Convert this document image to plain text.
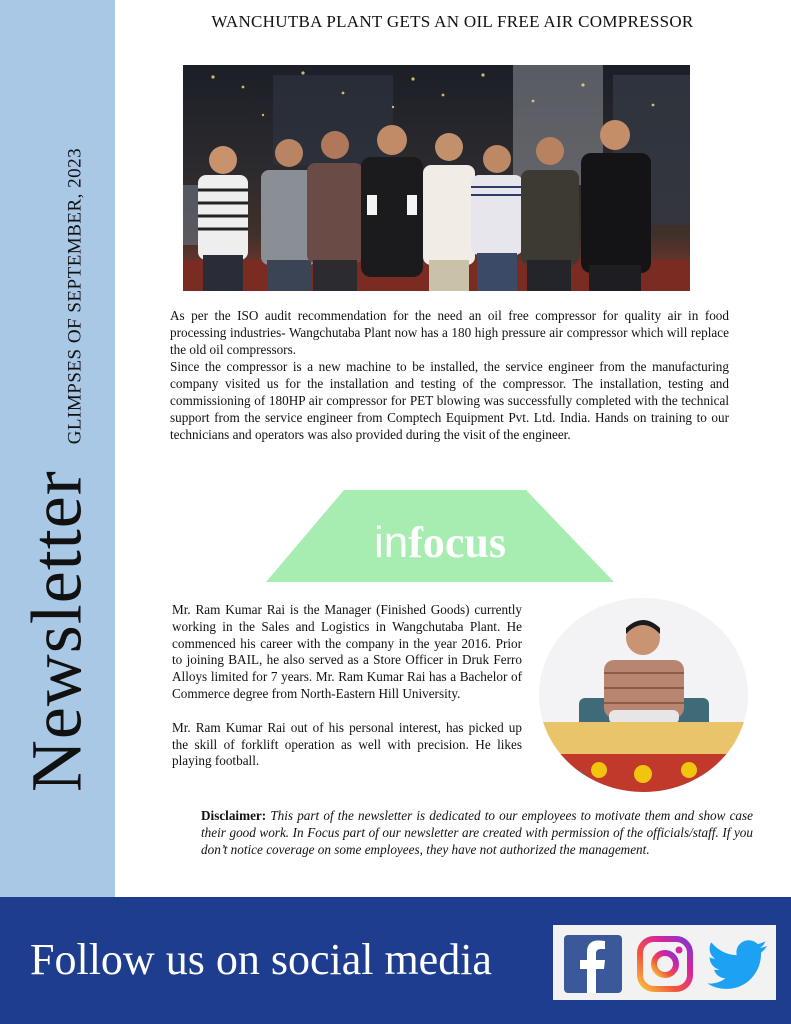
Newsletter
GLIMPSES OF SEPTEMBER, 2023
WANCHUTBA PLANT GETS AN OIL FREE AIR COMPRESSOR

As per the ISO audit recommendation for the need an oil free compressor for quality air in food processing industries- Wangchutaba Plant now has a 180 high pressure air compressor which will replace the old oil compressors.

Since the compressor is a new machine to be installed, the service engineer from the manufacturing company visited us for the installation and testing of the compressor. The installation, testing and commissioning of 180HP air compressor for PET blowing was successfully completed with the technical support from the service engineer from Comptech Equipment Pvt. Ltd. India. Hands on training to our technicians and operators was also provided during the visit of the engineer.

infocus

Mr. Ram Kumar Rai is the Manager (Finished Goods) currently working in the Sales and Logistics in Wangchutaba Plant. He commenced his career with the company in the year 2016. Prior to joining BAIL, he also served as a Store Officer in Druk Ferro Alloys limited for 7 years. Mr. Ram Kumar Rai has a Bachelor of Commerce degree from North-Eastern Hill University.

Mr. Ram Kumar Rai out of his personal interest, has picked up the skill of forklift operation as well with precision. He likes playing football.

Disclaimer: This part of the newsletter is dedicated to our employees to motivate them and show case their good work. In Focus part of our newsletter are created with permission of the officials/staff. If you don’t notice coverage on some employees, they have not authorized the management.

Follow us on social media
